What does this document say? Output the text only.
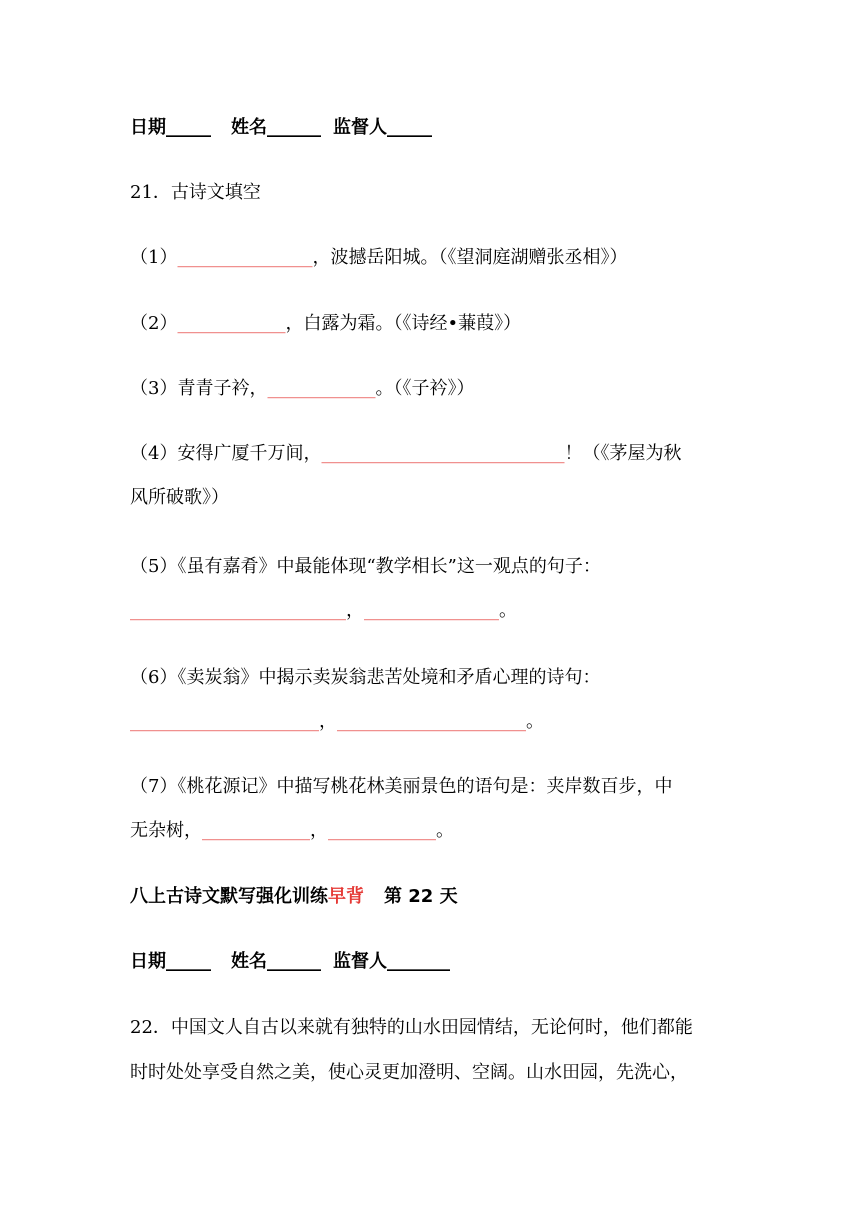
日期_____ 姓名______ 监督人_____
21．古诗文填空
（1）_______________，波撼岳阳城。（《望洞庭湖赠张丞相》）
（2）____________，白露为霜。（《诗经•蒹葭》）
（3）青青子衿，____________。（《子衿》）
（4）安得广厦千万间，___________________________！（《茅屋为秋
风所破歌》）
（5）《虽有嘉肴》中最能体现“教学相长”这一观点的句子：
________________________，_______________。
（6）《卖炭翁》中揭示卖炭翁悲苦处境和矛盾心理的诗句：
_____________________，_____________________。
（7）《桃花源记》中描写桃花林美丽景色的语句是：夹岸数百步，中
无杂树，____________，____________。
八上古诗文默写强化训练早背 第 22 天
日期_____ 姓名______ 监督人_______
22．中国文人自古以来就有独特的山水田园情结，无论何时，他们都能
时时处处享受自然之美，使心灵更加澄明、空阔。山水田园，先洗心，
